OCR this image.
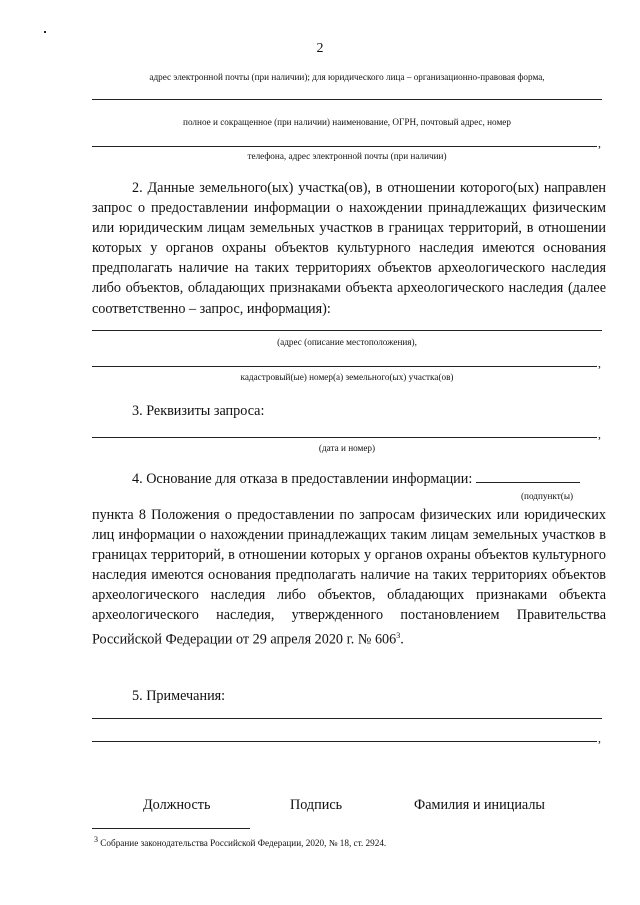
2
адрес электронной почты (при наличии); для юридического лица – организационно-правовая форма,
полное и сокращенное (при наличии) наименование, ОГРН, почтовый адрес, номер
,
телефона, адрес электронной почты (при наличии)
2. Данные земельного(ых) участка(ов), в отношении которого(ых) направлен запрос о предоставлении информации о нахождении принадлежащих физическим или юридическим лицам земельных участков в границах территорий, в отношении которых у органов охраны объектов культурного наследия имеются основания предполагать наличие на таких территориях объектов археологического наследия либо объектов, обладающих признаками объекта археологического наследия (далее соответственно – запрос, информация):
(адрес (описание местоположения),
,
кадастровый(ые) номер(а) земельного(ых) участка(ов)
3. Реквизиты запроса:
,
(дата и номер)
4. Основание для отказа в предоставлении информации:
(подпункт(ы)
пункта 8 Положения о предоставлении по запросам физических или юридических лиц информации о нахождении принадлежащих таким лицам земельных участков в границах территорий, в отношении которых у органов охраны объектов культурного наследия имеются основания предполагать наличие на таких территориях объектов археологического наследия либо объектов, обладающих признаками объекта археологического наследия, утвержденного постановлением Правительства Российской Федерации от 29 апреля 2020 г. № $606^3$.
5. Примечания:
,
Должность	Подпись	Фамилия и инициалы
$^3$ Собрание законодательства Российской Федерации, 2020, № 18, ст. 2924.
